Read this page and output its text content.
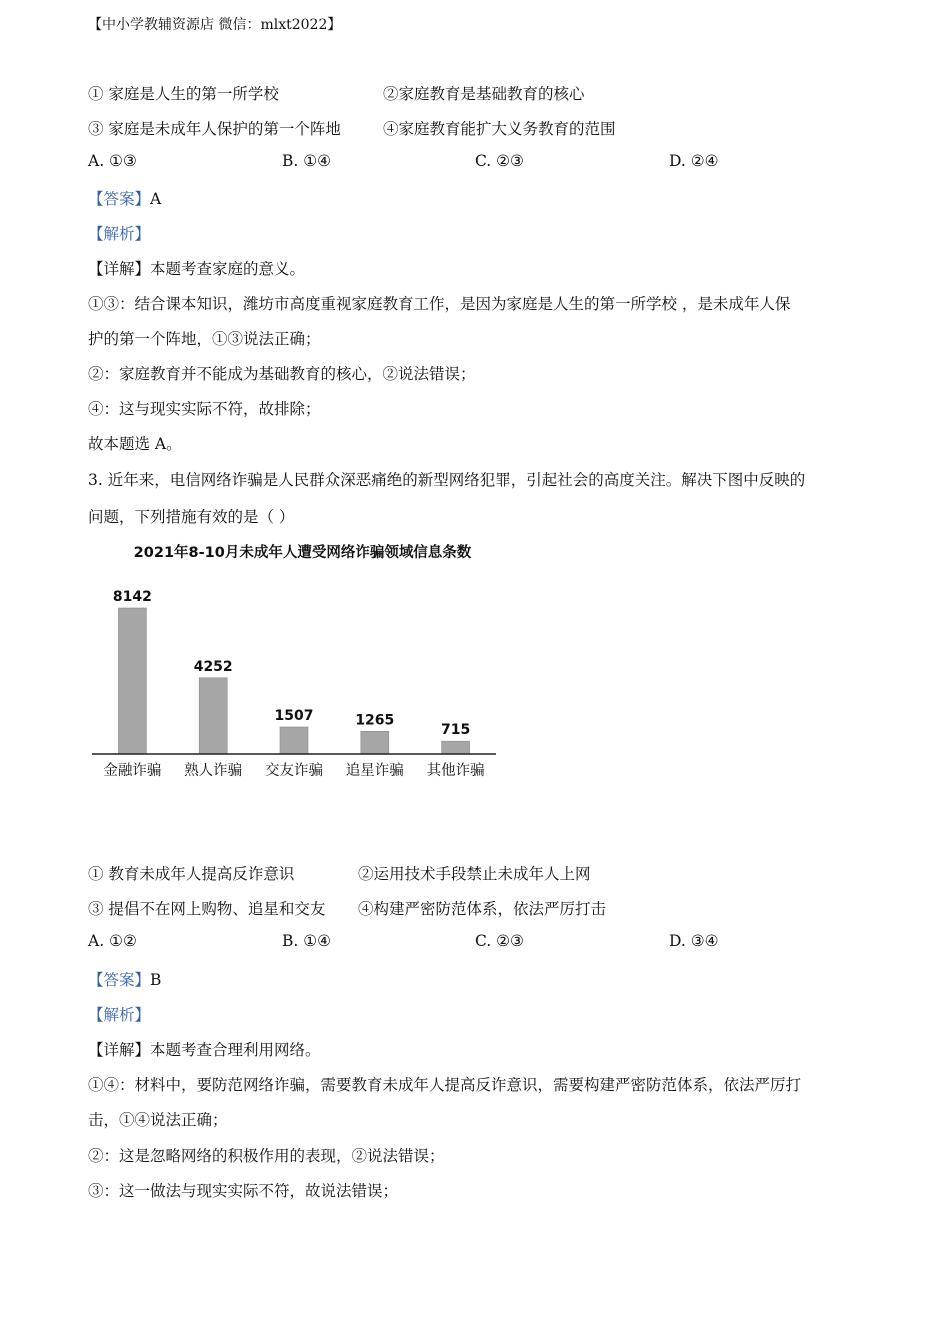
【中小学教辅资源店 微信：mlxt2022】
① 家庭是人生的第一所学校	②家庭教育是基础教育的核心
③ 家庭是未成年人保护的第一个阵地	④家庭教育能扩大义务教育的范围
A. ①③	B. ①④	C. ②③	D. ②④
【答案】A
【解析】
【详解】本题考查家庭的意义。
①③：结合课本知识，潍坊市高度重视家庭教育工作，是因为家庭是人生的第一所学校 ，是未成年人保
护的第一个阵地，①③说法正确；
②：家庭教育并不能成为基础教育的核心，②说法错误；
④：这与现实实际不符，故排除；
故本题选 A。
3. 近年来，电信网络诈骗是人民群众深恶痛绝的新型网络犯罪，引起社会的高度关注。解决下图中反映的
问题，下列措施有效的是（ ）
2021年8-10月未成年人遭受网络诈骗领域信息条数
8142
金融诈骗
4252
熟人诈骗
1507
交友诈骗
1265
追星诈骗
715
其他诈骗
① 教育未成年人提高反诈意识	②运用技术手段禁止未成年人上网
③ 提倡不在网上购物、追星和交友 ④构建严密防范体系，依法严厉打击
A. ①②	B. ①④	C. ②③	D. ③④
【答案】B
【解析】
【详解】本题考查合理利用网络。
①④：材料中，要防范网络诈骗，需要教育未成年人提高反诈意识，需要构建严密防范体系，依法严厉打
击，①④说法正确；
②：这是忽略网络的积极作用的表现，②说法错误；
③：这一做法与现实实际不符，故说法错误；
